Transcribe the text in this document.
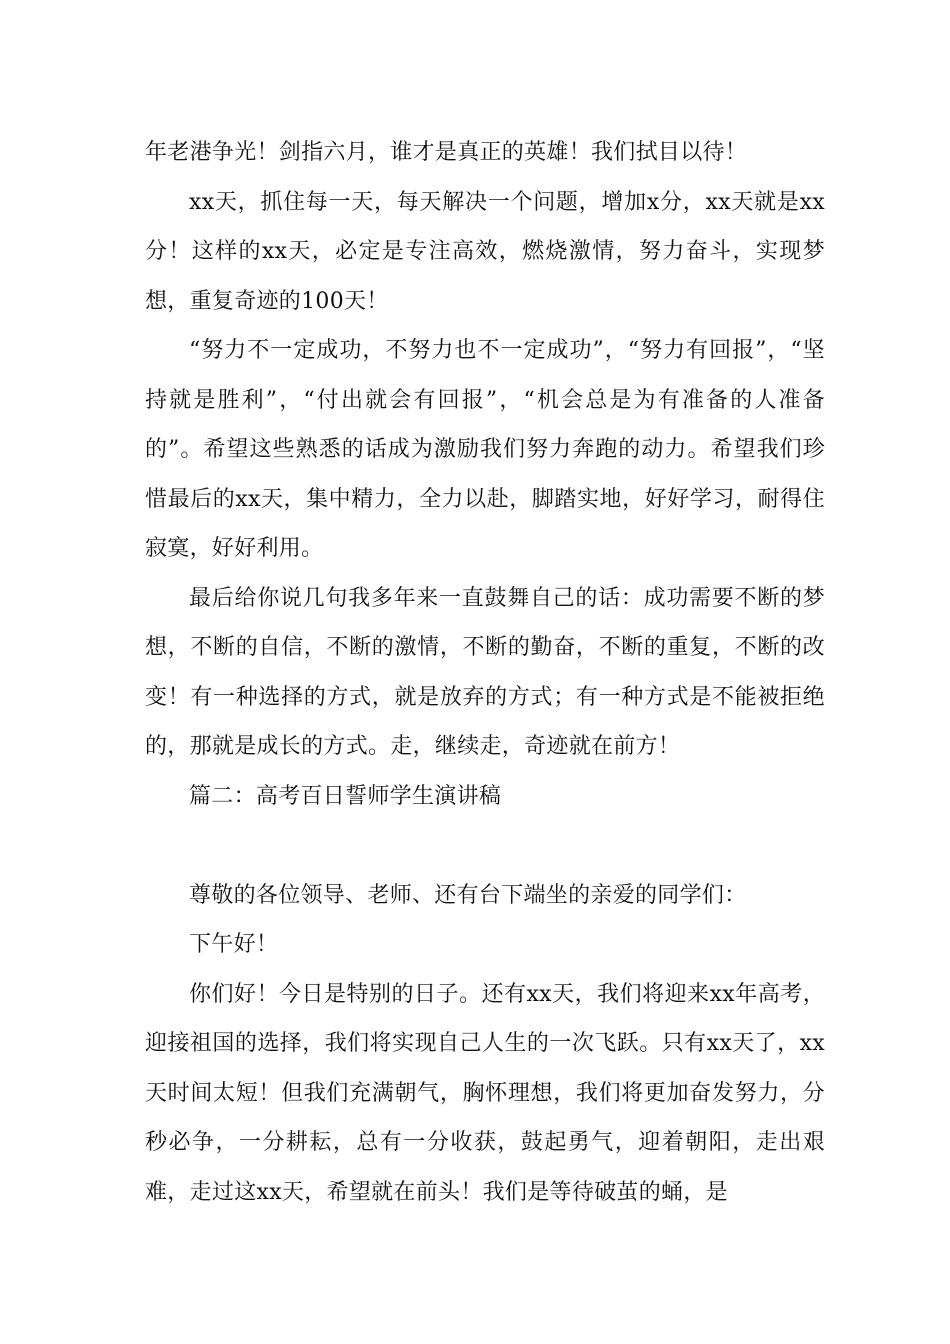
年老港争光！剑指六月，谁才是真正的英雄！我们拭目以待！

xx天，抓住每一天，每天解决一个问题，增加x分，xx天就是xx分！这样的xx天，必定是专注高效，燃烧激情，努力奋斗，实现梦想，重复奇迹的100天！

“努力不一定成功，不努力也不一定成功”，“努力有回报”，“坚持就是胜利”，“付出就会有回报”，“机会总是为有准备的人准备的”。希望这些熟悉的话成为激励我们努力奔跑的动力。希望我们珍惜最后的xx天，集中精力，全力以赴，脚踏实地，好好学习，耐得住寂寞，好好利用。

最后给你说几句我多年来一直鼓舞自己的话：成功需要不断的梦想，不断的自信，不断的激情，不断的勤奋，不断的重复，不断的改变！有一种选择的方式，就是放弃的方式；有一种方式是不能被拒绝的，那就是成长的方式。走，继续走，奇迹就在前方！

篇二：高考百日誓师学生演讲稿

尊敬的各位领导、老师、还有台下端坐的亲爱的同学们：

下午好！

你们好！今日是特别的日子。还有xx天，我们将迎来xx年高考，迎接祖国的选择，我们将实现自己人生的一次飞跃。只有xx天了，xx天时间太短！但我们充满朝气，胸怀理想，我们将更加奋发努力，分秒必争，一分耕耘，总有一分收获，鼓起勇气，迎着朝阳，走出艰难，走过这xx天，希望就在前头！我们是等待破茧的蛹，是
